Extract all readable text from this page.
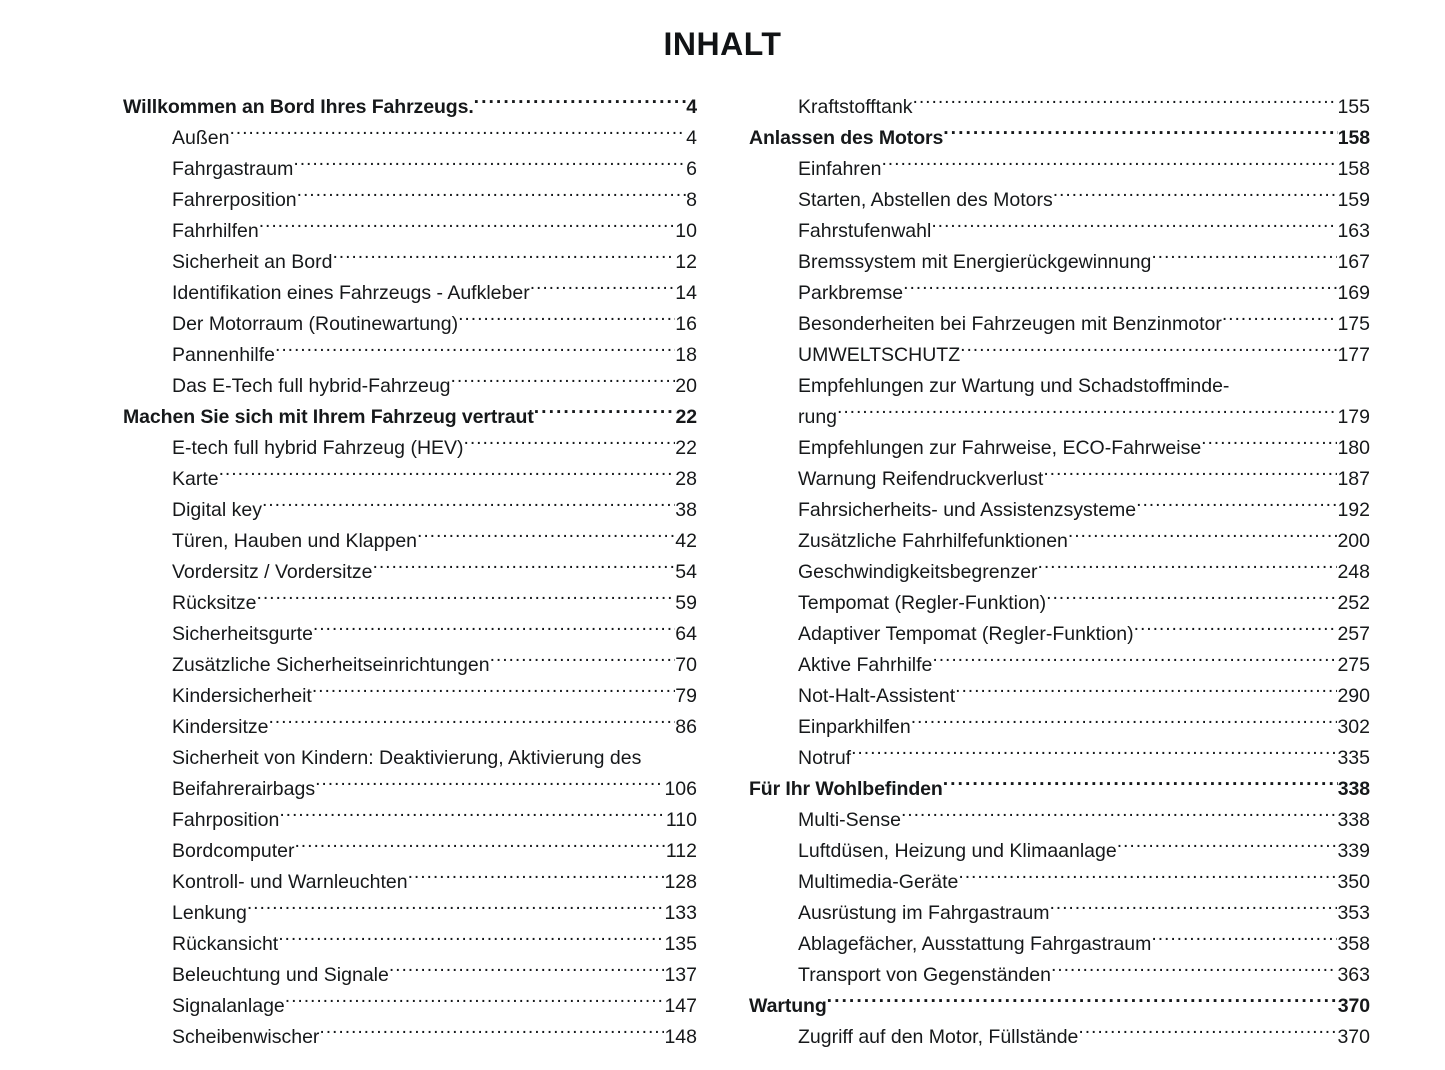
INHALT
Willkommen an Bord Ihres Fahrzeugs. .....	4
Außen .....	4
Fahrgastraum .....	6
Fahrerposition .....	8
Fahrhilfen .....	10
Sicherheit an Bord .....	12
Identifikation eines Fahrzeugs - Aufkleber .....	14
Der Motorraum (Routinewartung) .....	16
Pannenhilfe .....	18
Das E-Tech full hybrid-Fahrzeug .....	20
Machen Sie sich mit Ihrem Fahrzeug vertraut .....	22
E-tech full hybrid Fahrzeug (HEV) .....	22
Karte .....	28
Digital key .....	38
Türen, Hauben und Klappen .....	42
Vordersitz / Vordersitze .....	54
Rücksitze .....	59
Sicherheitsgurte .....	64
Zusätzliche Sicherheitseinrichtungen .....	70
Kindersicherheit .....	79
Kindersitze .....	86
Sicherheit von Kindern: Deaktivierung, Aktivierung des
Beifahrerairbags .....	106
Fahrposition .....	110
Bordcomputer .....	112
Kontroll- und Warnleuchten .....	128
Lenkung .....	133
Rückansicht .....	135
Beleuchtung und Signale .....	137
Signalanlage .....	147
Scheibenwischer .....	148
Kraftstofftank .....	155
Anlassen des Motors .....	158
Einfahren .....	158
Starten, Abstellen des Motors .....	159
Fahrstufenwahl .....	163
Bremssystem mit Energierückgewinnung .....	167
Parkbremse .....	169
Besonderheiten bei Fahrzeugen mit Benzinmotor .....	175
UMWELTSCHUTZ .....	177
Empfehlungen zur Wartung und Schadstoffminde-
rung .....	179
Empfehlungen zur Fahrweise, ECO-Fahrweise .....	180
Warnung Reifendruckverlust .....	187
Fahrsicherheits- und Assistenzsysteme .....	192
Zusätzliche Fahrhilfefunktionen .....	200
Geschwindigkeitsbegrenzer .....	248
Tempomat (Regler-Funktion) .....	252
Adaptiver Tempomat (Regler-Funktion) .....	257
Aktive Fahrhilfe .....	275
Not-Halt-Assistent .....	290
Einparkhilfen .....	302
Notruf .....	335
Für Ihr Wohlbefinden .....	338
Multi-Sense .....	338
Luftdüsen, Heizung und Klimaanlage .....	339
Multimedia-Geräte .....	350
Ausrüstung im Fahrgastraum .....	353
Ablagefächer, Ausstattung Fahrgastraum .....	358
Transport von Gegenständen .....	363
Wartung .....	370
Zugriff auf den Motor, Füllstände .....	370
